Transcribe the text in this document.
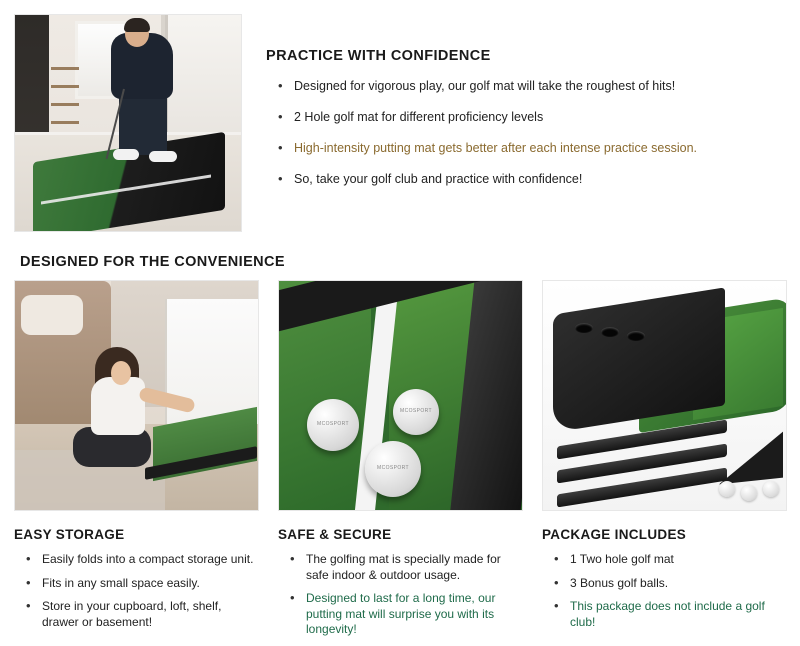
PRACTICE WITH CONFIDENCE
• Designed for vigorous play, our golf mat will take the roughest of hits!
• 2 Hole golf mat for different proficiency levels
• High-intensity putting mat gets better after each intense practice session.
• So, take your golf club and practice with confidence!
DESIGNED FOR THE CONVENIENCE
EASY STORAGE
• Easily folds into a compact storage unit.
• Fits in any small space easily.
• Store in your cupboard, loft, shelf, drawer or basement!
MCOSPORT
MCOSPORT
MCOSPORT
SAFE & SECURE
• The golfing mat is specially made for safe indoor & outdoor usage.
• Designed to last for a long time, our putting mat will surprise you with its longevity!
PACKAGE INCLUDES
• 1 Two hole golf mat
• 3 Bonus golf balls.
• This package does not include a golf club!
